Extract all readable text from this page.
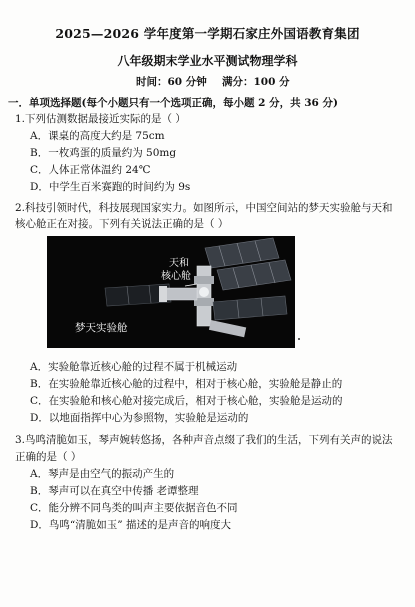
2025—2026 学年度第一学期石家庄外国语教育集团
八年级期末学业水平测试物理学科
时间：60 分钟 满分：100 分
一．单项选择题(每个小题只有一个选项正确，每小题 2 分，共 36 分)
1.下列估测数据最接近实际的是（ ）
A．课桌的高度大约是 75cm
B．一枚鸡蛋的质量约为 50mg
C．人体正常体温约 24℃
D．中学生百米赛跑的时间约为 9s
2.科技引领时代，科技展现国家实力。如图所示，中国空间站的梦天实验舱与天和
核心舱正在对接。下列有关说法正确的是（ ）
天和
核心舱
梦天实验舱
A．实验舱靠近核心舱的过程不属于机械运动
B．在实验舱靠近核心舱的过程中，相对于核心舱，实验舱是静止的
C．在实验舱和核心舱对接完成后，相对于核心舱，实验舱是运动的
D．以地面指挥中心为参照物，实验舱是运动的
3.鸟鸣清脆如玉，琴声婉转悠扬，各种声音点缀了我们的生活，下列有关声的说法
正确的是（ ）
A．琴声是由空气的振动产生的
B．琴声可以在真空中传播 老谭整理
C．能分辨不同鸟类的叫声主要依据音色不同
D．鸟鸣“清脆如玉” 描述的是声音的响度大
